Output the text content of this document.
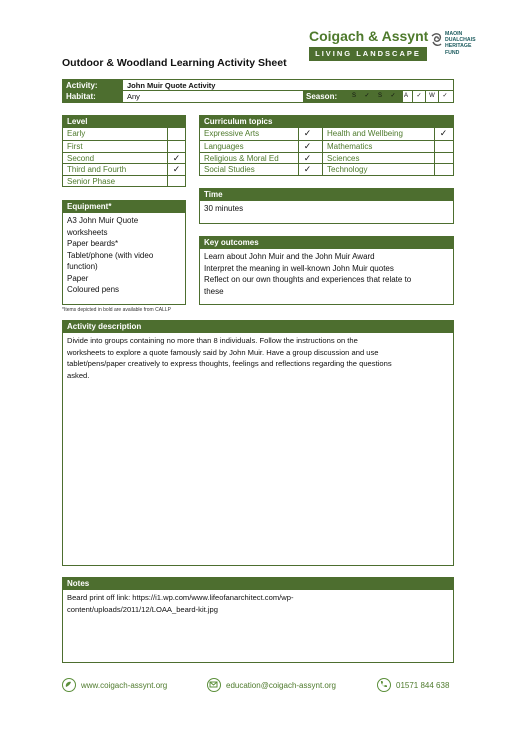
Outdoor & Woodland Learning Activity Sheet
Coigach & Assynt
LIVING LANDSCAPE
MAOIN
DUALCHAIS
HERITAGE
FUND
Activity:	John Muir Quote Activity
Habitat:	Any	Season:	S	✓	S	✓	A	✓	W	✓
Level
Early
First
Second	✓
Third and Fourth	✓
Senior Phase
Curriculum topics
Expressive Arts	✓	Health and Wellbeing	✓
Languages	✓	Mathematics
Religious & Moral Ed	✓	Sciences
Social Studies	✓	Technology
Time
30 minutes
Equipment*
A3 John Muir Quote
worksheets
Paper beards*
Tablet/phone (with video
function)
Paper
Coloured pens
*Items depicted in bold are available from CALLP
Key outcomes
Learn about John Muir and the John Muir Award
Interpret the meaning in well-known John Muir quotes
Reflect on our own thoughts and experiences that relate to
these
Activity description
Divide into groups containing no more than 8 individuals. Follow the instructions on the
worksheets to explore a quote famously said by John Muir. Have a group discussion and use
tablet/pens/paper creatively to express thoughts, feelings and reflections regarding the questions
asked.
Notes
Beard print off link: https://i1.wp.com/www.lifeofanarchitect.com/wp-
content/uploads/2011/12/LOAA_beard-kit.jpg
www.coigach-assynt.org	education@coigach-assynt.org	01571 844 638
